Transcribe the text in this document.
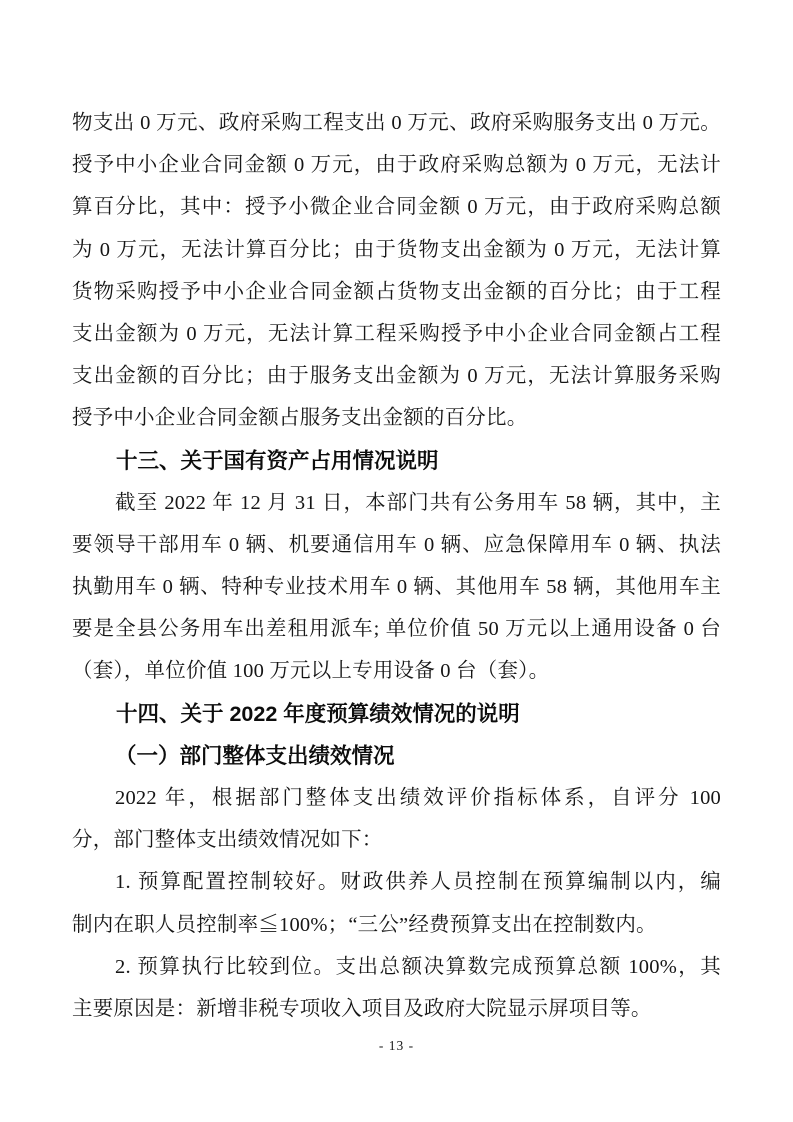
物支出 0 万元、政府采购工程支出 0 万元、政府采购服务支出 0 万元。
授予中小企业合同金额 0 万元，由于政府采购总额为 0 万元，无法计
算百分比，其中：授予小微企业合同金额 0 万元，由于政府采购总额
为 0 万元，无法计算百分比；由于货物支出金额为 0 万元，无法计算
货物采购授予中小企业合同金额占货物支出金额的百分比；由于工程
支出金额为 0 万元，无法计算工程采购授予中小企业合同金额占工程
支出金额的百分比；由于服务支出金额为 0 万元，无法计算服务采购
授予中小企业合同金额占服务支出金额的百分比。
十三、关于国有资产占用情况说明
截至 2022 年 12 月 31 日，本部门共有公务用车 58 辆，其中，主
要领导干部用车 0 辆、机要通信用车 0 辆、应急保障用车 0 辆、执法
执勤用车 0 辆、特种专业技术用车 0 辆、其他用车 58 辆，其他用车主
要是全县公务用车出差租用派车; 单位价值 50 万元以上通用设备 0 台
（套），单位价值 100 万元以上专用设备 0 台（套）。
十四、关于 2022 年度预算绩效情况的说明
（一）部门整体支出绩效情况
2022 年，根据部门整体支出绩效评价指标体系，自评分 100
分，部门整体支出绩效情况如下：
1. 预算配置控制较好。财政供养人员控制在预算编制以内，编
制内在职人员控制率≦100%；“三公”经费预算支出在控制数内。
2. 预算执行比较到位。支出总额决算数完成预算总额 100%，其
主要原因是：新增非税专项收入项目及政府大院显示屏项目等。
- 13 -
